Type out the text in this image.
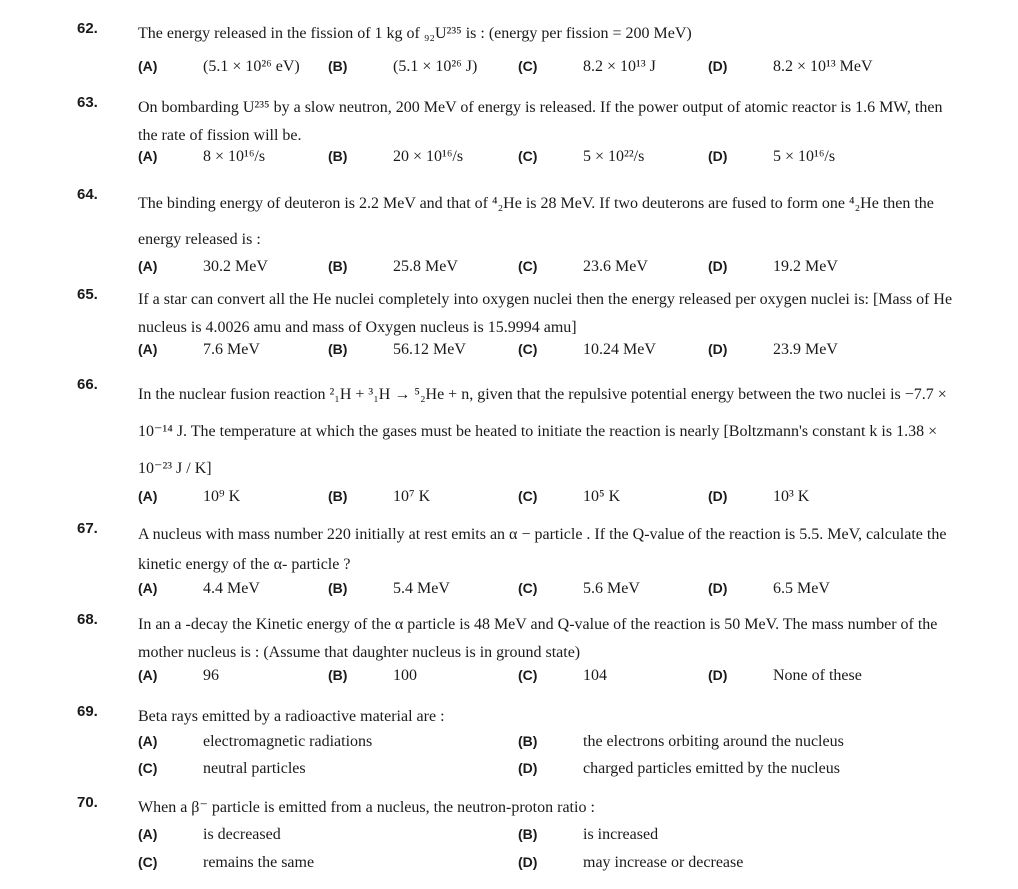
62.	The energy released in the fission of 1 kg of ₉₂U²³⁵ is : (energy per fission = 200 MeV)
(A)	(5.1 × 10²⁶ eV) (B)	(5.1 × 10²⁶ J)	(C)	8.2 × 10¹³ J	(D)	8.2 × 10¹³ MeV
63.	On bombarding U²³⁵ by a slow neutron, 200 MeV of energy is released. If the power output of atomic reactor is 1.6 MW, then the rate of fission will be.
(A)	8 × 10¹⁶/s	(B)	20 × 10¹⁶/s	(C)	5 × 10²²/s	(D)	5 × 10¹⁶/s
64.
The binding energy of deuteron is 2.2 MeV and that of ⁴₂He is 28 MeV. If two deuterons are fused to form one ⁴₂He then the energy released is :
(A)	30.2 MeV	(B)	25.8 MeV	(C)	23.6 MeV	(D)	19.2 MeV
65.	If a star can convert all the He nuclei completely into oxygen nuclei then the energy released per oxygen nuclei is: [Mass of He nucleus is 4.0026 amu and mass of Oxygen nucleus is 15.9994 amu]
(A)	7.6 MeV	(B)	56.12 MeV	(C)	10.24 MeV	(D)	23.9 MeV
66.
In the nuclear fusion reaction ²₁H + ³₁H → ⁵₂He + n, given that the repulsive potential energy between the two nuclei is −7.7 × 10⁻¹⁴ J. The temperature at which the gases must be heated to initiate the reaction is nearly [Boltzmann's constant k is 1.38 × 10⁻²³ J / K]
(A)	10⁹ K	(B)	10⁷ K	(C)	10⁵ K	(D)	10³ K
67.	A nucleus with mass number 220 initially at rest emits an α − particle . If the Q-value of the reaction is 5.5. MeV, calculate the kinetic energy of the α- particle ?
(A)	4.4 MeV	(B)	5.4 MeV	(C)	5.6 MeV	(D)	6.5 MeV
68.	In an a -decay the Kinetic energy of the α particle is 48 MeV and Q-value of the reaction is 50 MeV. The mass number of the mother nucleus is : (Assume that daughter nucleus is in ground state)
(A)	96	(B)	100	(C)	104	(D)	None of these
69.	Beta rays emitted by a radioactive material are :
(A)	electromagnetic radiations	(B)	the electrons orbiting around the nucleus
(C)	neutral particles	(D)	charged particles emitted by the nucleus
70.	When a β⁻ particle is emitted from a nucleus, the neutron-proton ratio :
(A)	is decreased	(B)	is increased
(C)	remains the same	(D)	may increase or decrease
